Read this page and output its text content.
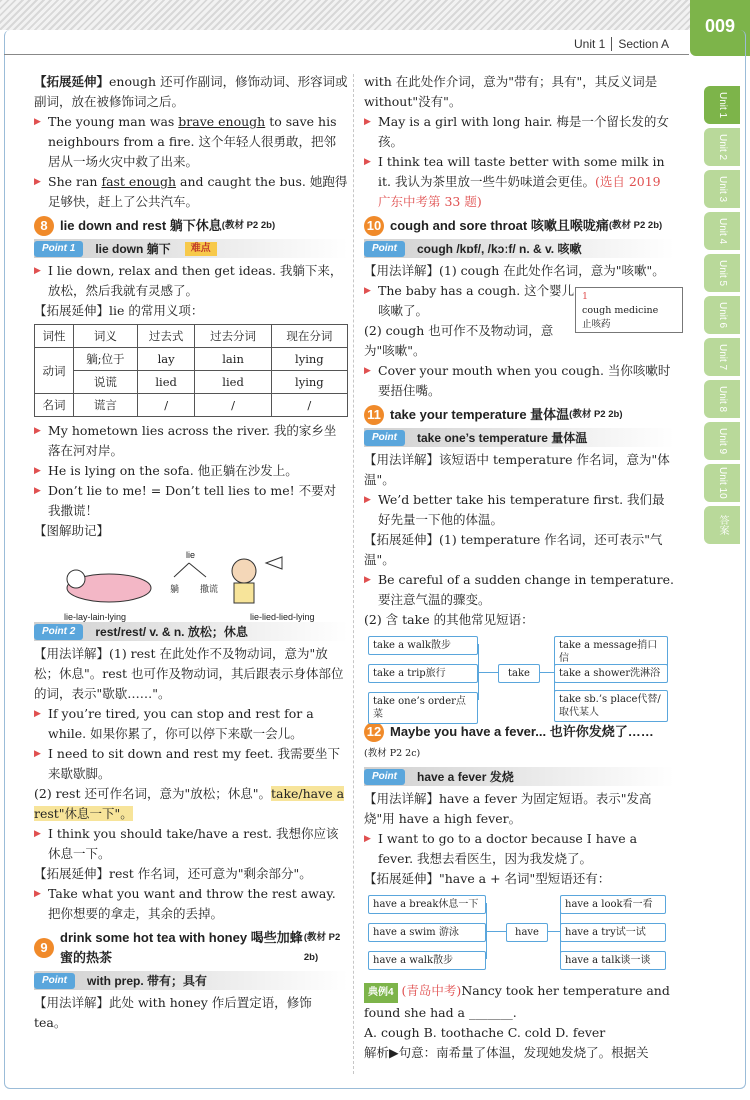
009
Unit 1 Section A
Unit 1
Unit 2
Unit 3
Unit 4
Unit 5
Unit 6
Unit 7
Unit 8
Unit 9
Unit 10
答案

【拓展延伸】enough 还可作副词，修饰动词、形容词或副词，放在被修饰词之后。

▶ The young man was brave enough to save his neighbours from a fire. 这个年轻人很勇敢，把邻居从一场火灾中救了出来。

▶ She ran fast enough and caught the bus. 她跑得足够快，赶上了公共汽车。

8 lie down and rest 躺下休息 (教材 P2 2b)
Point 1	lie down 躺下	难点

▶ I lie down, relax and then get ideas. 我躺下来，放松，然后我就有灵感了。

【拓展延伸】lie 的常用义项：

词性	词义	过去式	过去分词	现在分词
动词	躺;位于	lay	lain	lying
	说谎	lied	lied	lying
名词	谎言	/	/	/

▶ My hometown lies across the river. 我的家乡坐落在河对岸。

▶ He is lying on the sofa. 他正躺在沙发上。

▶ Don’t lie to me! = Don’t tell lies to me! 不要对我撒谎！

【图解助记】

lie
躺 撒谎
lie-lay-lain-lying	lie-lied-lied-lying
Point 2	rest/rest/ v. & n. 放松；休息

【用法详解】(1) rest 在此处作不及物动词，意为"放松；休息"。rest 也可作及物动词，其后跟表示身体部位的词，表示"歇歇……"。

▶ If you’re tired, you can stop and rest for a while. 如果你累了，你可以停下来歇一会儿。

▶ I need to sit down and rest my feet. 我需要坐下来歇歇脚。

(2) rest 还可作名词，意为"放松；休息"。take/have a rest"休息一下"。

▶ I think you should take/have a rest. 我想你应该休息一下。

【拓展延伸】rest 作名词，还可意为"剩余部分"。

▶ Take what you want and throw the rest away. 把你想要的拿走，其余的丢掉。

9
drink some hot tea with honey 喝些加蜂蜜的热茶
(教材 P2 2b)
Point	with prep. 带有；具有

【用法详解】此处 with honey 作后置定语，修饰 tea。

with 在此处作介词，意为"带有；具有"，其反义词是 without"没有"。

▶ May is a girl with long hair. 梅是一个留长发的女孩。

▶ I think tea will taste better with some milk in it. 我认为茶里放一些牛奶味道会更佳。(选自 2019 广东中考第 33 题)

10 cough and sore throat 咳嗽且喉咙痛 (教材 P2 2b)
Point	cough /kɒf/, /kɔːf/ n. & v. 咳嗽

【用法详解】(1) cough 在此处作名词，意为"咳嗽"。

▶ The baby has a cough. 这个婴儿咳嗽了。

(2) cough 也可作不及物动词，意为"咳嗽"。

▶ Cover your mouth when you cough. 当你咳嗽时要捂住嘴。

11 take your temperature 量体温 (教材 P2 2b)
Point	take one’s temperature 量体温

【用法详解】该短语中 temperature 作名词，意为"体温"。

▶ We’d better take his temperature first. 我们最好先量一下他的体温。

【拓展延伸】(1) temperature 作名词，还可表示"气温"。

▶ Be careful of a sudden change in temperature. 要注意气温的骤变。

(2) 含 take 的其他常见短语：

take a walk散步
take a trip旅行
take one’s order点菜
take
take a message捎口信
take a shower洗淋浴
take sb.’s place代替/取代某人
12 Maybe you have a fever... 也许你发烧了……

(教材 P2 2c)

Point	have a fever 发烧

【用法详解】have a fever 为固定短语。表示"发高烧"用 have a high fever。

▶ I want to go to a doctor because I have a fever. 我想去看医生，因为我发烧了。

【拓展延伸】"have a + 名词"型短语还有：

have a break休息一下
have a swim 游泳
have a walk散步
have
have a look看一看
have a try试一试
have a talk谈一谈

典例4 (青岛中考)Nancy took her temperature and found she had a _______.

A. cough B. toothache C. cold D. fever

解析▶句意：南希量了体温，发现她发烧了。根据关

1
cough medicine
止咳药
